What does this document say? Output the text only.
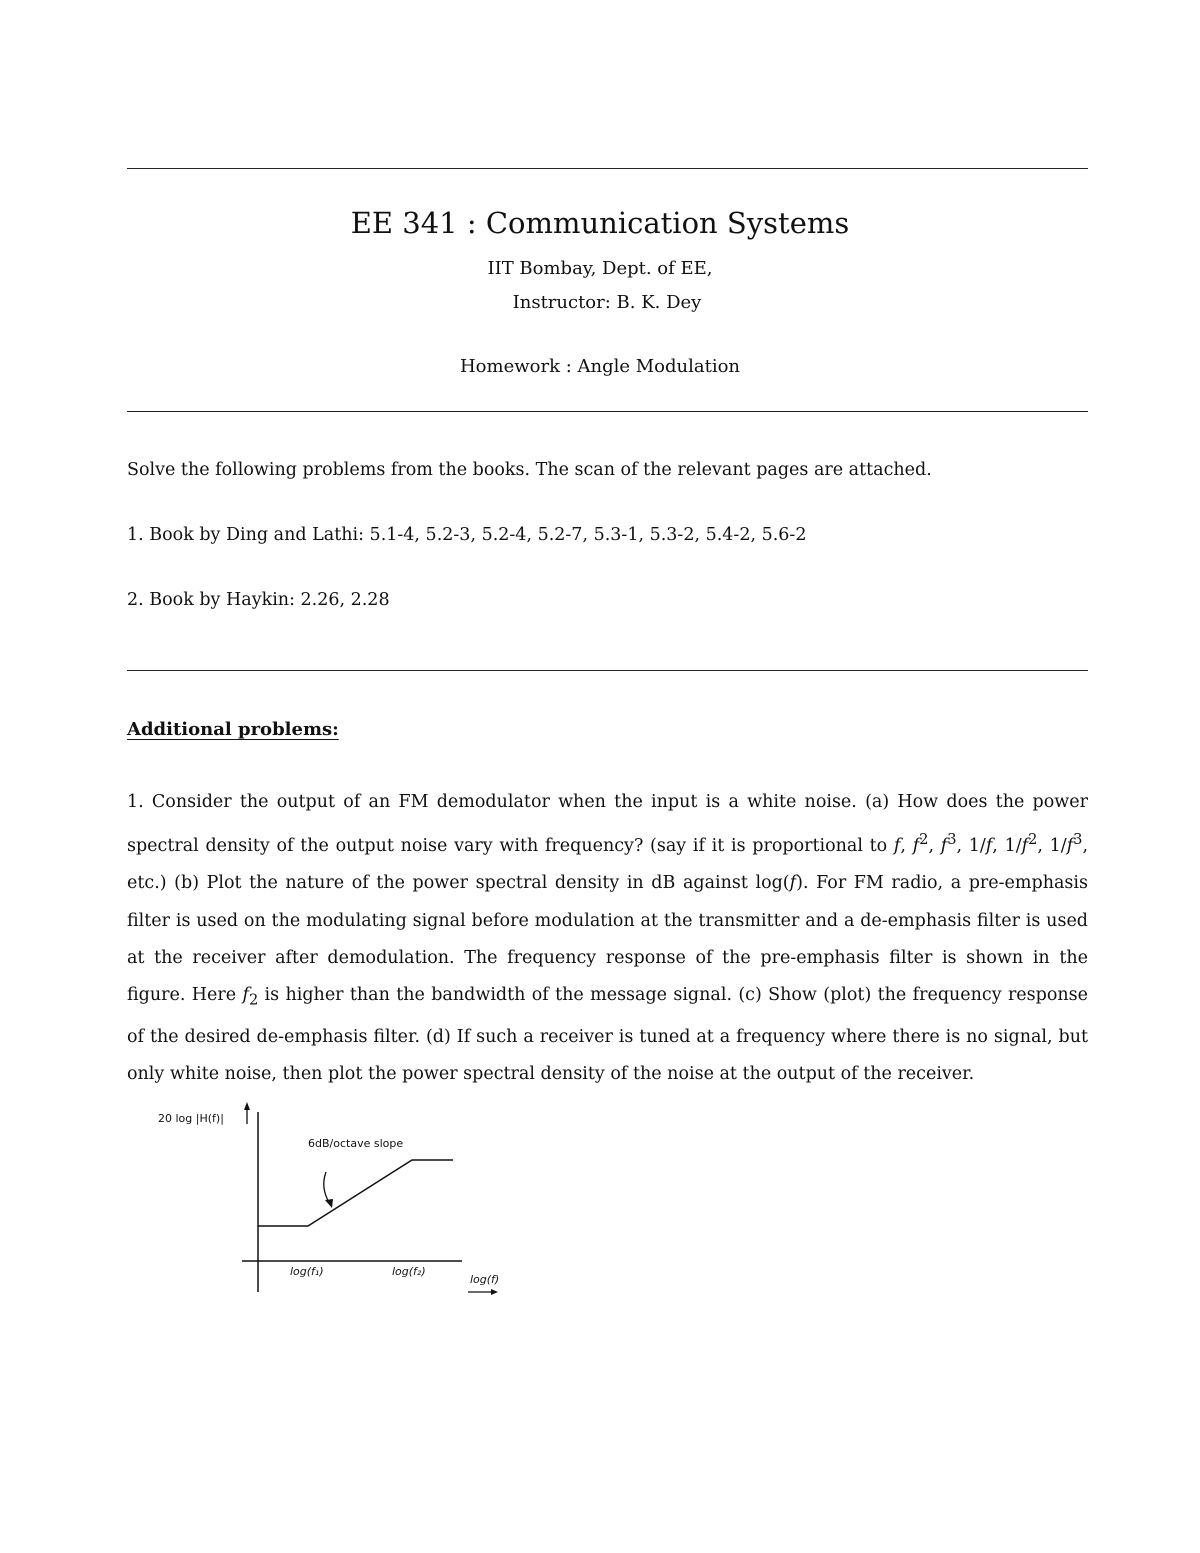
EE 341 : Communication Systems
IIT Bombay, Dept. of EE,
Instructor: B. K. Dey
Homework : Angle Modulation
Solve the following problems from the books. The scan of the relevant pages are attached.
1. Book by Ding and Lathi: 5.1-4, 5.2-3, 5.2-4, 5.2-7, 5.3-1, 5.3-2, 5.4-2, 5.6-2
2. Book by Haykin: 2.26, 2.28
Additional problems:
1. Consider the output of an FM demodulator when the input is a white noise. (a) How does the power spectral density of the output noise vary with frequency? (say if it is proportional to f, $f^2$, $f^3$, 1/f, $1/f^2$, $1/f^3$, etc.) (b) Plot the nature of the power spectral density in dB against log(f). For FM radio, a pre-emphasis filter is used on the modulating signal before modulation at the transmitter and a de-emphasis filter is used at the receiver after demodulation. The frequency response of the pre-emphasis filter is shown in the figure. Here $f_2$ is higher than the bandwidth of the message signal. (c) Show (plot) the frequency response of the desired de-emphasis filter. (d) If such a receiver is tuned at a frequency where there is no signal, but only white noise, then plot the power spectral density of the noise at the output of the receiver.
20 log |H(f)|
6dB/octave slope
log(f₁)	log(f₂)
log(f)
